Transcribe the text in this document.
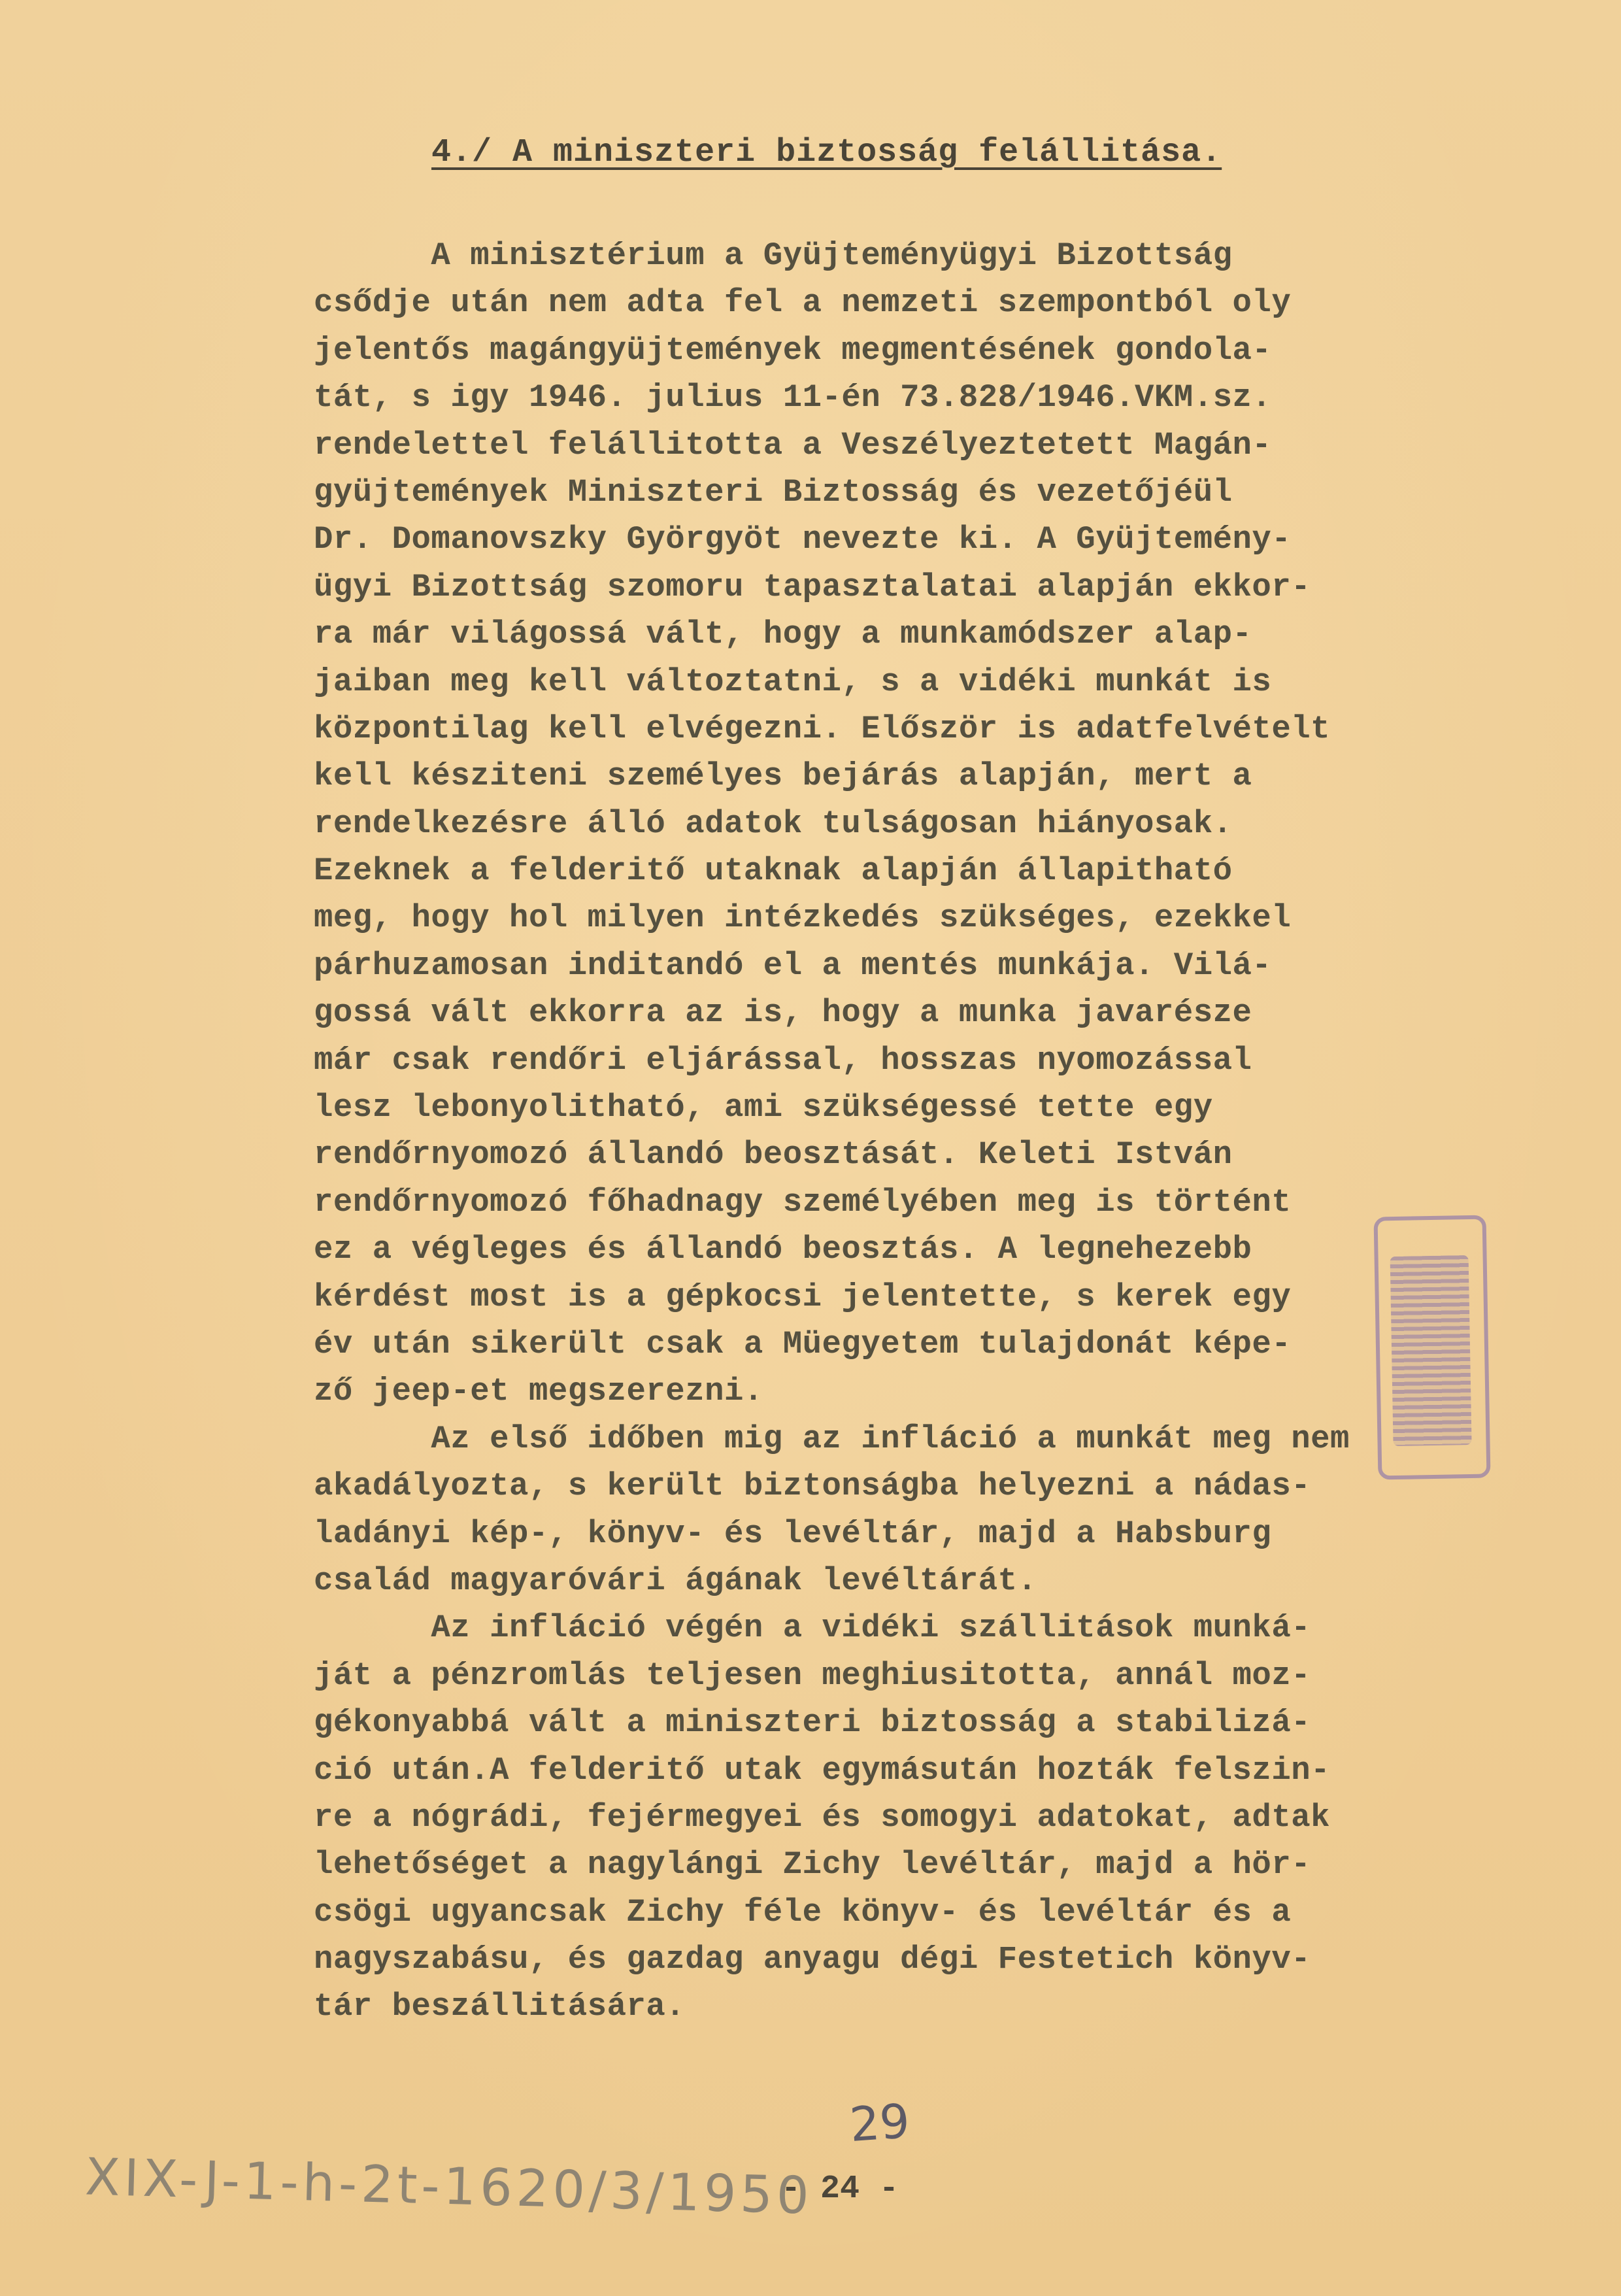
4./ A miniszteri biztosság felállitása.
A minisztérium a Gyüjteményügyi Bizottság
csődje után nem adta fel a nemzeti szempontból oly
jelentős magángyüjtemények megmentésének gondola-
tát, s igy 1946. julius 11-én 73.828/1946.VKM.sz.
rendelettel felállitotta a Veszélyeztetett Magán-
gyüjtemények Miniszteri Biztosság és vezetőjéül
Dr. Domanovszky Györgyöt nevezte ki. A Gyüjtemény-
ügyi Bizottság szomoru tapasztalatai alapján ekkor-
ra már világossá vált, hogy a munkamódszer alap-
jaiban meg kell változtatni, s a vidéki munkát is
központilag kell elvégezni. Először is adatfelvételt
kell késziteni személyes bejárás alapján, mert a
rendelkezésre álló adatok tulságosan hiányosak.
Ezeknek a felderitő utaknak alapján állapitható
meg, hogy hol milyen intézkedés szükséges, ezekkel
párhuzamosan inditandó el a mentés munkája. Vilá-
gossá vált ekkorra az is, hogy a munka javarésze
már csak rendőri eljárással, hosszas nyomozással
lesz lebonyolitható, ami szükségessé tette egy
rendőrnyomozó állandó beosztását. Keleti István
rendőrnyomozó főhadnagy személyében meg is történt
ez a végleges és állandó beosztás. A legnehezebb
kérdést most is a gépkocsi jelentette, s kerek egy
év után sikerült csak a Müegyetem tulajdonát képe-
ző jeep-et megszerezni.
Az első időben mig az infláció a munkát meg nem
akadályozta, s került biztonságba helyezni a nádas-
ladányi kép-, könyv- és levéltár, majd a Habsburg
család magyaróvári ágának levéltárát.
Az infláció végén a vidéki szállitások munká-
ját a pénzromlás teljesen meghiusitotta, annál moz-
gékonyabbá vált a miniszteri biztosság a stabilizá-
ció után.A felderitő utak egymásután hozták felszin-
re a nógrádi, fejérmegyei és somogyi adatokat, adtak
lehetőséget a nagylángi Zichy levéltár, majd a hör-
csögi ugyancsak Zichy féle könyv- és levéltár és a
nagyszabásu, és gazdag anyagu dégi Festetich könyv-
tár beszállitására.
29
- 24 -
XIX-J-1-h-2t-1620/3/1950
